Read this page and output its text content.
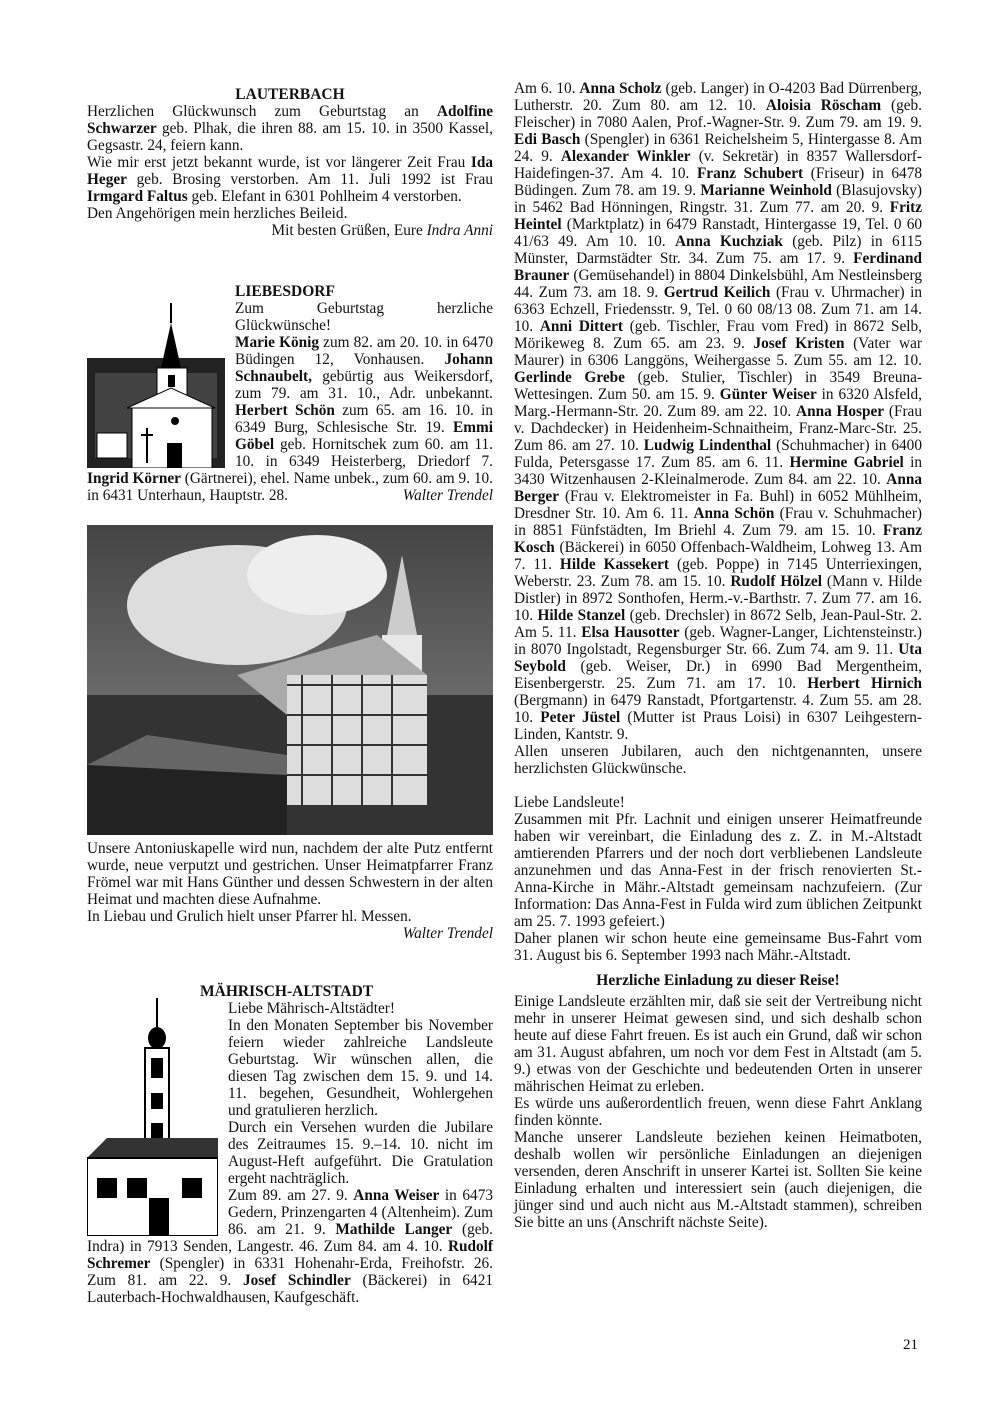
LAUTERBACH

Herzlichen Glückwunsch zum Geburtstag an Adolfine Schwarzer geb. Plhak, die ihren 88. am 15. 10. in 3500 Kassel, Gegsastr. 24, feiern kann.

Wie mir erst jetzt bekannt wurde, ist vor längerer Zeit Frau Ida Heger geb. Brosing verstorben. Am 11. Juli 1992 ist Frau Irmgard Faltus geb. Elefant in 6301 Pohlheim 4 verstorben.

Den Angehörigen mein herzliches Beileid.

Mit besten Grüßen, Eure Indra Anni

LIEBESDORF

Zum Geburtstag herzliche Glückwünsche!

Marie König zum 82. am 20. 10. in 6470 Büdingen 12, Vonhausen. Johann Schnaubelt, gebürtig aus Weikersdorf, zum 79. am 31. 10., Adr. unbekannt. Herbert Schön zum 65. am 16. 10. in 6349 Burg, Schlesische Str. 19. Emmi Göbel geb. Hornitschek zum 60. am 11. 10. in 6349 Heisterberg, Driedorf 7. Ingrid Körner (Gärtnerei), ehel. Name unbek., zum 60. am 9. 10. in 6431 Unterhaun, Hauptstr. 28.	Walter Trendel

Unsere Antoniuskapelle wird nun, nachdem der alte Putz entfernt wurde, neue verputzt und gestrichen. Unser Heimatpfarrer Franz Frömel war mit Hans Günther und dessen Schwestern in der alten Heimat und machten diese Aufnahme.

In Liebau und Grulich hielt unser Pfarrer hl. Messen.

Walter Trendel

MÄHRISCH-ALTSTADT

Liebe Mährisch-Altstädter!

In den Monaten September bis November feiern wieder zahlreiche Landsleute Geburtstag. Wir wünschen allen, die diesen Tag zwischen dem 15. 9. und 14. 11. begehen, Gesundheit, Wohlergehen und gratulieren herzlich.

Durch ein Versehen wurden die Jubilare des Zeitraumes 15. 9.–14. 10. nicht im August-Heft aufgeführt. Die Gratulation ergeht nachträglich.

Zum 89. am 27. 9. Anna Weiser in 6473 Gedern, Prinzengarten 4 (Altenheim). Zum 86. am 21. 9. Mathilde Langer (geb. Indra) in 7913 Senden, Langestr. 46. Zum 84. am 4. 10. Rudolf Schremer (Spengler) in 6331 Hohenahr-Erda, Freihofstr. 26. Zum 81. am 22. 9. Josef Schindler (Bäckerei) in 6421 Lauterbach-Hochwaldhausen, Kaufgeschäft.

Am 6. 10. Anna Scholz (geb. Langer) in O-4203 Bad Dürrenberg, Lutherstr. 20. Zum 80. am 12. 10. Aloisia Röscham (geb. Fleischer) in 7080 Aalen, Prof.-Wagner-Str. 9. Zum 79. am 19. 9. Edi Basch (Spengler) in 6361 Reichelsheim 5, Hintergasse 8. Am 24. 9. Alexander Winkler (v. Sekretär) in 8357 Wallersdorf-Haidefingen-37. Am 4. 10. Franz Schubert (Friseur) in 6478 Büdingen. Zum 78. am 19. 9. Marianne Weinhold (Blasujovsky) in 5462 Bad Hönningen, Ringstr. 31. Zum 77. am 20. 9. Fritz Heintel (Marktplatz) in 6479 Ranstadt, Hintergasse 19, Tel. 0 60 41/63 49. Am 10. 10. Anna Kuchziak (geb. Pilz) in 6115 Münster, Darmstädter Str. 34. Zum 75. am 17. 9. Ferdinand Brauner (Gemüsehandel) in 8804 Dinkelsbühl, Am Nestleinsberg 44. Zum 73. am 18. 9. Gertrud Keilich (Frau v. Uhrmacher) in 6363 Echzell, Friedensstr. 9, Tel. 0 60 08/13 08. Zum 71. am 14. 10. Anni Dittert (geb. Tischler, Frau vom Fred) in 8672 Selb, Mörikeweg 8. Zum 65. am 23. 9. Josef Kristen (Vater war Maurer) in 6306 Langgöns, Weihergasse 5. Zum 55. am 12. 10. Gerlinde Grebe (geb. Stulier, Tischler) in 3549 Breuna-Wettesingen. Zum 50. am 15. 9. Günter Weiser in 6320 Alsfeld, Marg.-Hermann-Str. 20. Zum 89. am 22. 10. Anna Hosper (Frau v. Dachdecker) in Heidenheim-Schnaitheim, Franz-Marc-Str. 25. Zum 86. am 27. 10. Ludwig Lindenthal (Schuhmacher) in 6400 Fulda, Petersgasse 17. Zum 85. am 6. 11. Hermine Gabriel in 3430 Witzenhausen 2-Kleinalmerode. Zum 84. am 22. 10. Anna Berger (Frau v. Elektromeister in Fa. Buhl) in 6052 Mühlheim, Dresdner Str. 10. Am 6. 11. Anna Schön (Frau v. Schuhmacher) in 8851 Fünfstädten, Im Briehl 4. Zum 79. am 15. 10. Franz Kosch (Bäckerei) in 6050 Offenbach-Waldheim, Lohweg 13. Am 7. 11. Hilde Kassekert (geb. Poppe) in 7145 Unterriexingen, Weberstr. 23. Zum 78. am 15. 10. Rudolf Hölzel (Mann v. Hilde Distler) in 8972 Sonthofen, Herm.-v.-Barthstr. 7. Zum 77. am 16. 10. Hilde Stanzel (geb. Drechsler) in 8672 Selb, Jean-Paul-Str. 2. Am 5. 11. Elsa Hausotter (geb. Wagner-Langer, Lichtensteinstr.) in 8070 Ingolstadt, Regensburger Str. 66. Zum 74. am 9. 11. Uta Seybold (geb. Weiser, Dr.) in 6990 Bad Mergentheim, Eisenbergerstr. 25. Zum 71. am 17. 10. Herbert Hirnich (Bergmann) in 6479 Ranstadt, Pfortgartenstr. 4. Zum 55. am 28. 10. Peter Jüstel (Mutter ist Praus Loisi) in 6307 Leihgestern-Linden, Kantstr. 9.

Allen unseren Jubilaren, auch den nichtgenannten, unsere herzlichsten Glückwünsche.

Liebe Landsleute!

Zusammen mit Pfr. Lachnit und einigen unserer Heimatfreunde haben wir vereinbart, die Einladung des z. Z. in M.-Altstadt amtierenden Pfarrers und der noch dort verbliebenen Landsleute anzunehmen und das Anna-Fest in der frisch renovierten St.-Anna-Kirche in Mähr.-Altstadt gemeinsam nachzufeiern. (Zur Information: Das Anna-Fest in Fulda wird zum üblichen Zeitpunkt am 25. 7. 1993 gefeiert.)

Daher planen wir schon heute eine gemeinsame Bus-Fahrt vom 31. August bis 6. September 1993 nach Mähr.-Altstadt.

Herzliche Einladung zu dieser Reise!

Einige Landsleute erzählten mir, daß sie seit der Vertreibung nicht mehr in unserer Heimat gewesen sind, und sich deshalb schon heute auf diese Fahrt freuen. Es ist auch ein Grund, daß wir schon am 31. August abfahren, um noch vor dem Fest in Altstadt (am 5. 9.) etwas von der Geschichte und bedeutenden Orten in unserer mährischen Heimat zu erleben.

Es würde uns außerordentlich freuen, wenn diese Fahrt Anklang finden könnte.

Manche unserer Landsleute beziehen keinen Heimatboten, deshalb wollen wir persönliche Einladungen an diejenigen versenden, deren Anschrift in unserer Kartei ist. Sollten Sie keine Einladung erhalten und interessiert sein (auch diejenigen, die jünger sind und auch nicht aus M.-Altstadt stammen), schreiben Sie bitte an uns (Anschrift nächste Seite).

21
